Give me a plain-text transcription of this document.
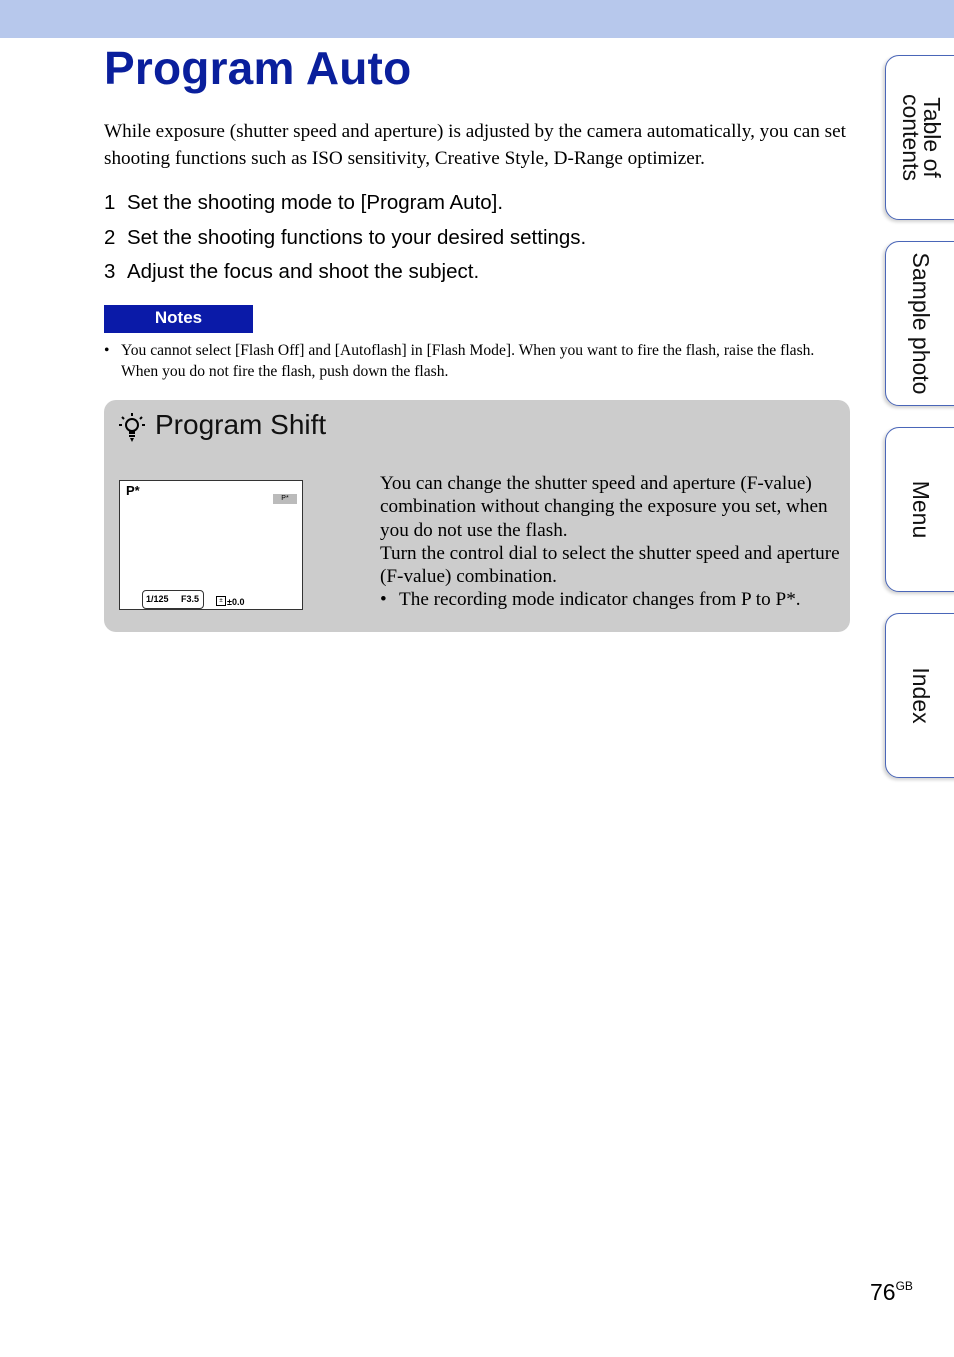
Program Auto

While exposure (shutter speed and aperture) is adjusted by the camera automatically, you can set shooting functions such as ISO sensitivity, Creative Style, D-Range optimizer.

1 Set the shooting mode to [Program Auto].
2 Set the shooting functions to your desired settings.
3 Adjust the focus and shoot the subject.
Notes
• You cannot select [Flash Off] and [Autoflash] in [Flash Mode]. When you want to fire the flash, raise the flash. When you do not fire the flash, push down the flash.
Program Shift
P*
P*
1/125 F3.5	± ±0.0

You can change the shutter speed and aperture (F-value) combination without changing the exposure you set, when you do not use the flash.

Turn the control dial to select the shutter speed and aperture (F-value) combination.

• The recording mode indicator changes from P to P*.

Table of contents
Sample photo
Menu
Index
$76^{GB}$
